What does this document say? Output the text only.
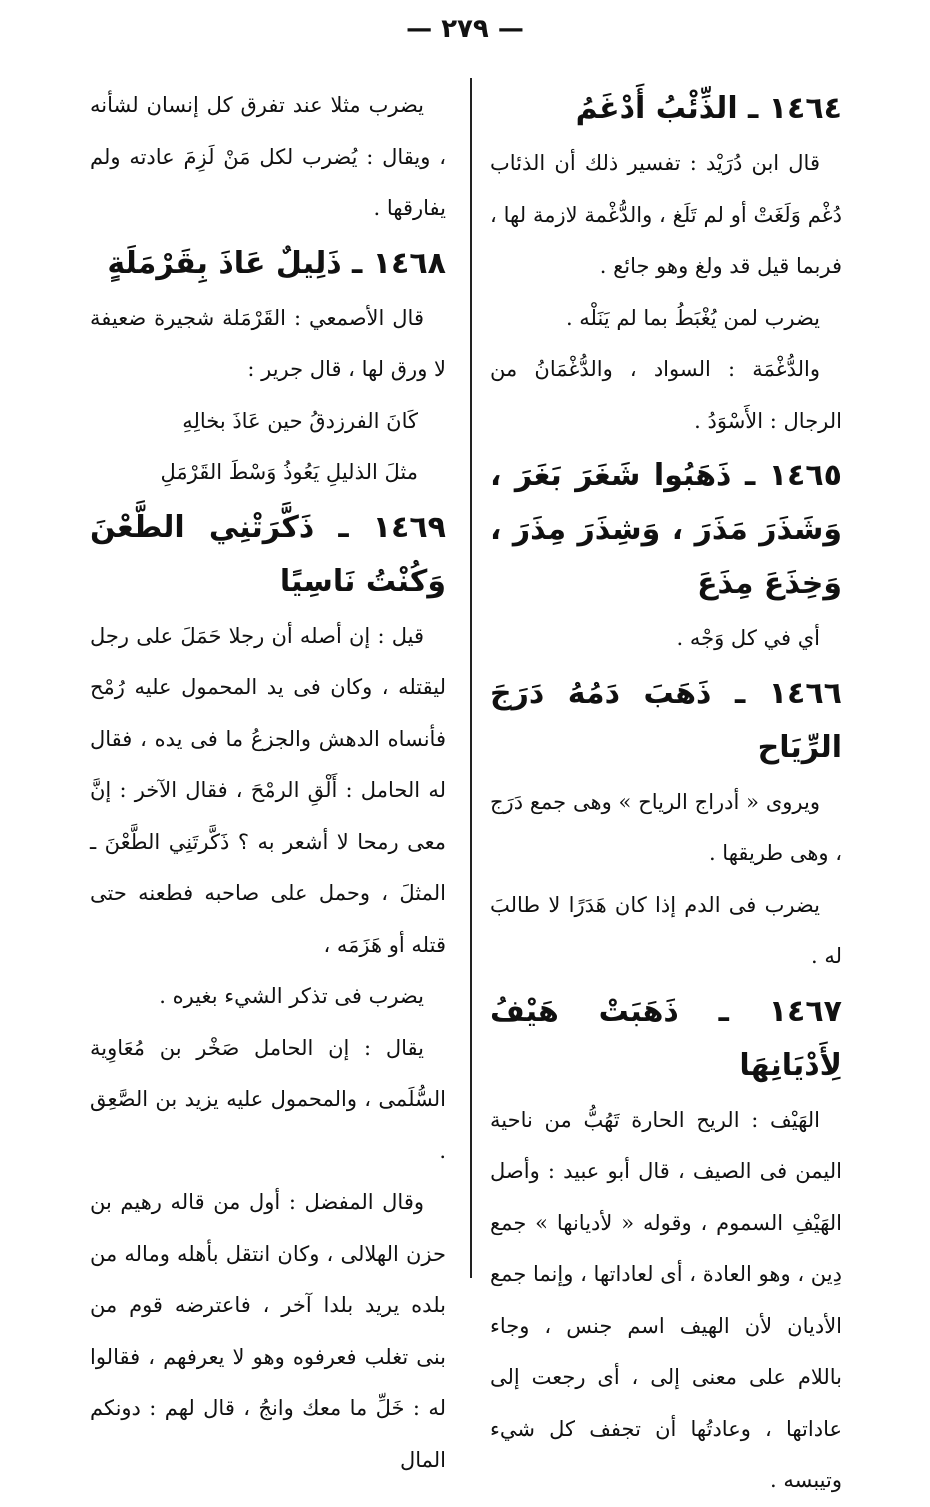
— ٢٧٩ —
١٤٦٤ ـ الذِّئْبُ أَدْغَمُ

قال ابن دُرَيْد : تفسير ذلك أن الذئاب دُغْم وَلَغَتْ أو لم تَلَغ ، والدُّغْمة لازمة لها ، فربما قيل قد ولغ وهو جائع .

يضرب لمن يُغْبَطُ بما لم يَنَلْه .

والدُّغْمَة : السواد ، والدُّغْمَانُ من الرجال : الأَسْوَدُ .

١٤٦٥ ـ ذَهَبُوا شَغَرَ بَغَرَ ، وَشَذَرَ مَذَرَ ، وَشِذَرَ مِذَرَ ، وَخِذَعَ مِذَعَ

أي في كل وَجْه .

١٤٦٦ ـ ذَهَبَ دَمُهُ دَرَجَ الرِّيَاح

ويروى « أدراج الرياح » وهى جمع دَرَج ، وهى طريقها .

يضرب فى الدم إذا كان هَدَرًا لا طالبَ له .

١٤٦٧ ـ ذَهَبَتْ هَيْفُ لِأَدْيَانِهَا

الهَيْف : الريح الحارة تَهُبُّ من ناحية اليمن فى الصيف ، قال أبو عبيد : وأصل الهَيْفِ السموم ، وقوله « لأديانها » جمع دِين ، وهو العادة ، أى لعاداتها ، وإنما جمع الأديان لأن الهيف اسم جنس ، وجاء باللام على معنى إلى ، أى رجعت إلى عاداتها ، وعادتُها أن تجفف كل شيء وتيبسه .

يضرب مثلا عند تفرق كل إنسان لشأنه ، ويقال : يُضرب لكل مَنْ لَزِمَ عادته ولم يفارقها .

١٤٦٨ ـ ذَلِيلٌ عَاذَ بِقَرْمَلَةٍ

قال الأصمعي : القَرْمَلة شجيرة ضعيفة لا ورق لها ، قال جرير :

كَانَ الفرزدقُ حين عَاذَ بخالِهِ

مثلَ الذليلِ يَعُوذُ وَسْطَ القَرْمَلِ

١٤٦٩ ـ ذَكَّرَتْنِي الطَّعْنَ وَكُنْتُ نَاسِيًا

قيل : إن أصله أن رجلا حَمَلَ على رجل ليقتله ، وكان فى يد المحمول عليه رُمْح فأنساه الدهش والجزعُ ما فى يده ، فقال له الحامل : أَلْقِ الرمْحَ ، فقال الآخر : إنَّ معى رمحا لا أشعر به ؟ ذَكَّرتَنِي الطَّعْنَ ـ المثلَ ، وحمل على صاحبه فطعنه حتى قتله أو هَزَمَه ،

يضرب فى تذكر الشيء بغيره .

يقال : إن الحامل صَخْر بن مُعَاوِية السُّلَمى ، والمحمول عليه يزيد بن الصَّعِق .

وقال المفضل : أول من قاله رهيم بن حزن الهلالى ، وكان انتقل بأهله وماله من بلده يريد بلدا آخر ، فاعترضه قوم من بنى تغلب فعرفوه وهو لا يعرفهم ، فقالوا له : خَلِّ ما معك وانجُ ، قال لهم : دونكم المال
